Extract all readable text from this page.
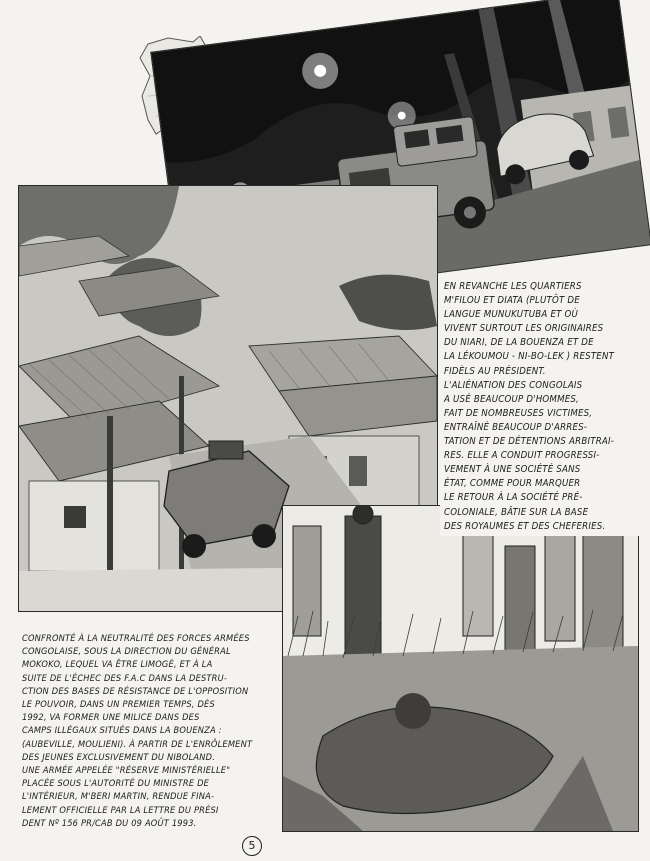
EN REVANCHE LES QUARTIERS

M'FILOU ET DIATA (PLUTÔT DE

LANGUE MUNUKUTUBA ET OÙ

VIVENT SURTOUT LES ORIGINAIRES

DU NIARI, DE LA BOUENZA ET DE

LA LÉKOUMOU - NI-BO-LEK ) RESTENT

FIDÈLS AU PRÉSIDENT.

L'ALIÉNATION DES CONGOLAIS

A USÉ BEAUCOUP D'HOMMES,

FAIT DE NOMBREUSES VICTIMES,

ENTRAÎNÉ BEAUCOUP D'ARRES-

TATION ET DE DÉTENTIONS ARBITRAI-

RES. ELLE A CONDUIT PROGRESSI-

VEMENT À UNE SOCIÉTÉ SANS

ÉTAT, COMME POUR MARQUER

LE RETOUR À LA SOCIÉTÉ PRÉ-

COLONIALE, BÂTIE SUR LA BASE

DES ROYAUMES ET DES CHEFERIES.

CONFRONTÉ À LA NEUTRALITÉ DES FORCES ARMÉES

CONGOLAISE, SOUS LA DIRECTION DU GÉNÉRAL

MOKOKO, LEQUEL VA ÊTRE LIMOGÉ, ET À LA

SUITE DE L'ÉCHEC DES F.A.C DANS LA DESTRU-

CTION DES BASES DE RÉSISTANCE DE L'OPPOSITION

LE POUVOIR, DANS UN PREMIER TEMPS, DÈS

1992, VA FORMER UNE MILICE DANS DES

CAMPS ILLÉGAUX SITUÉS DANS LA BOUENZA :

(AUBEVILLE, MOULIENI). À PARTIR DE L'ENRÔLEMENT

DES JEUNES EXCLUSIVEMENT DU NIBOLAND.

UNE ARMÉE APPELÉE "RÉSERVE MINISTÉRIELLE"

PLACÉE SOUS L'AUTORITÉ DU MINISTRE DE

L'INTÉRIEUR, M'BERI MARTIN, RENDUE FINA-

LEMENT OFFICIELLE PAR LA LETTRE DU PRÉSI

DENT Nº 156 PR/CAB DU 09 AOÛT 1993.

5
